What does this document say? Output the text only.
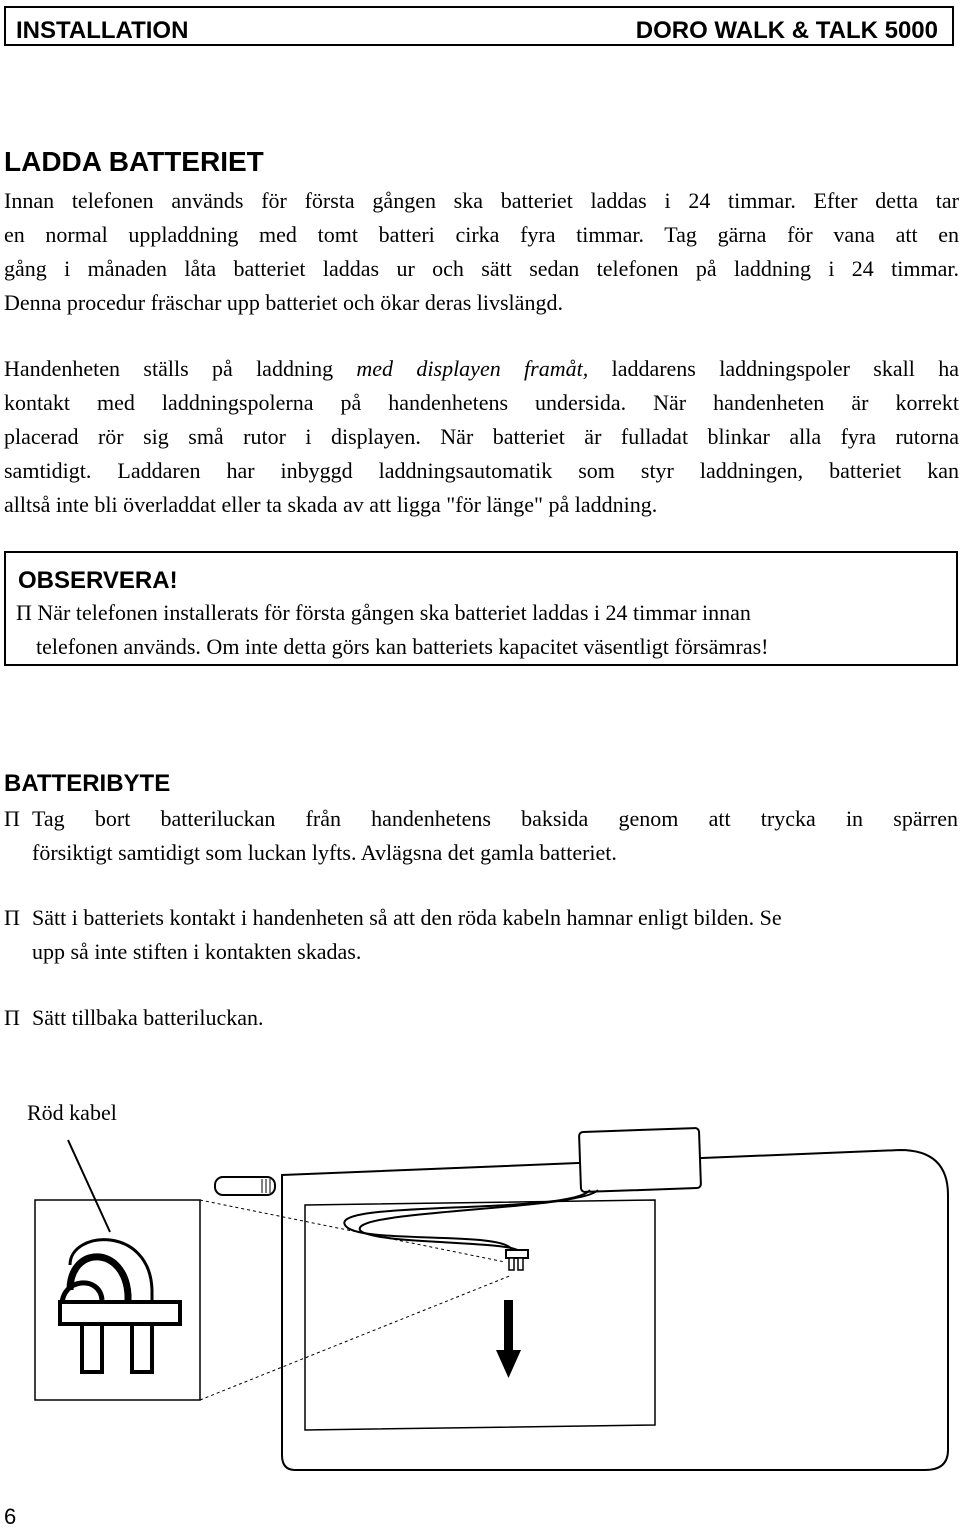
INSTALLATION	DORO WALK & TALK 5000
LADDA BATTERIET
Innan telefonen används för första gången ska batteriet laddas i 24 timmar. Efter detta tar
en normal uppladdning med tomt batteri cirka fyra timmar. Tag gärna för vana att en
gång i månaden låta batteriet laddas ur och sätt sedan telefonen på laddning i 24 timmar.
Denna procedur fräschar upp batteriet och ökar deras livslängd.
Handenheten ställs på laddning med displayen framåt, laddarens laddningspoler skall ha
kontakt med laddningspolerna på handenhetens undersida. När handenheten är korrekt
placerad rör sig små rutor i displayen. När batteriet är fulladat blinkar alla fyra rutorna
samtidigt. Laddaren har inbyggd laddningsautomatik som styr laddningen, batteriet kan
alltså inte bli överladdat eller ta skada av att ligga "för länge" på laddning.
OBSERVERA!
Π När telefonen installerats för första gången ska batteriet laddas i 24 timmar innan
telefonen används. Om inte detta görs kan batteriets kapacitet väsentligt försämras!
BATTERIBYTE
Π Tag bort batteriluckan från handenhetens baksida genom att trycka in spärren
försiktigt samtidigt som luckan lyfts. Avlägsna det gamla batteriet.
Π Sätt i batteriets kontakt i handenheten så att den röda kabeln hamnar enligt bilden. Se
upp så inte stiften i kontakten skadas.
Π Sätt tillbaka batteriluckan.
Röd kabel
6
